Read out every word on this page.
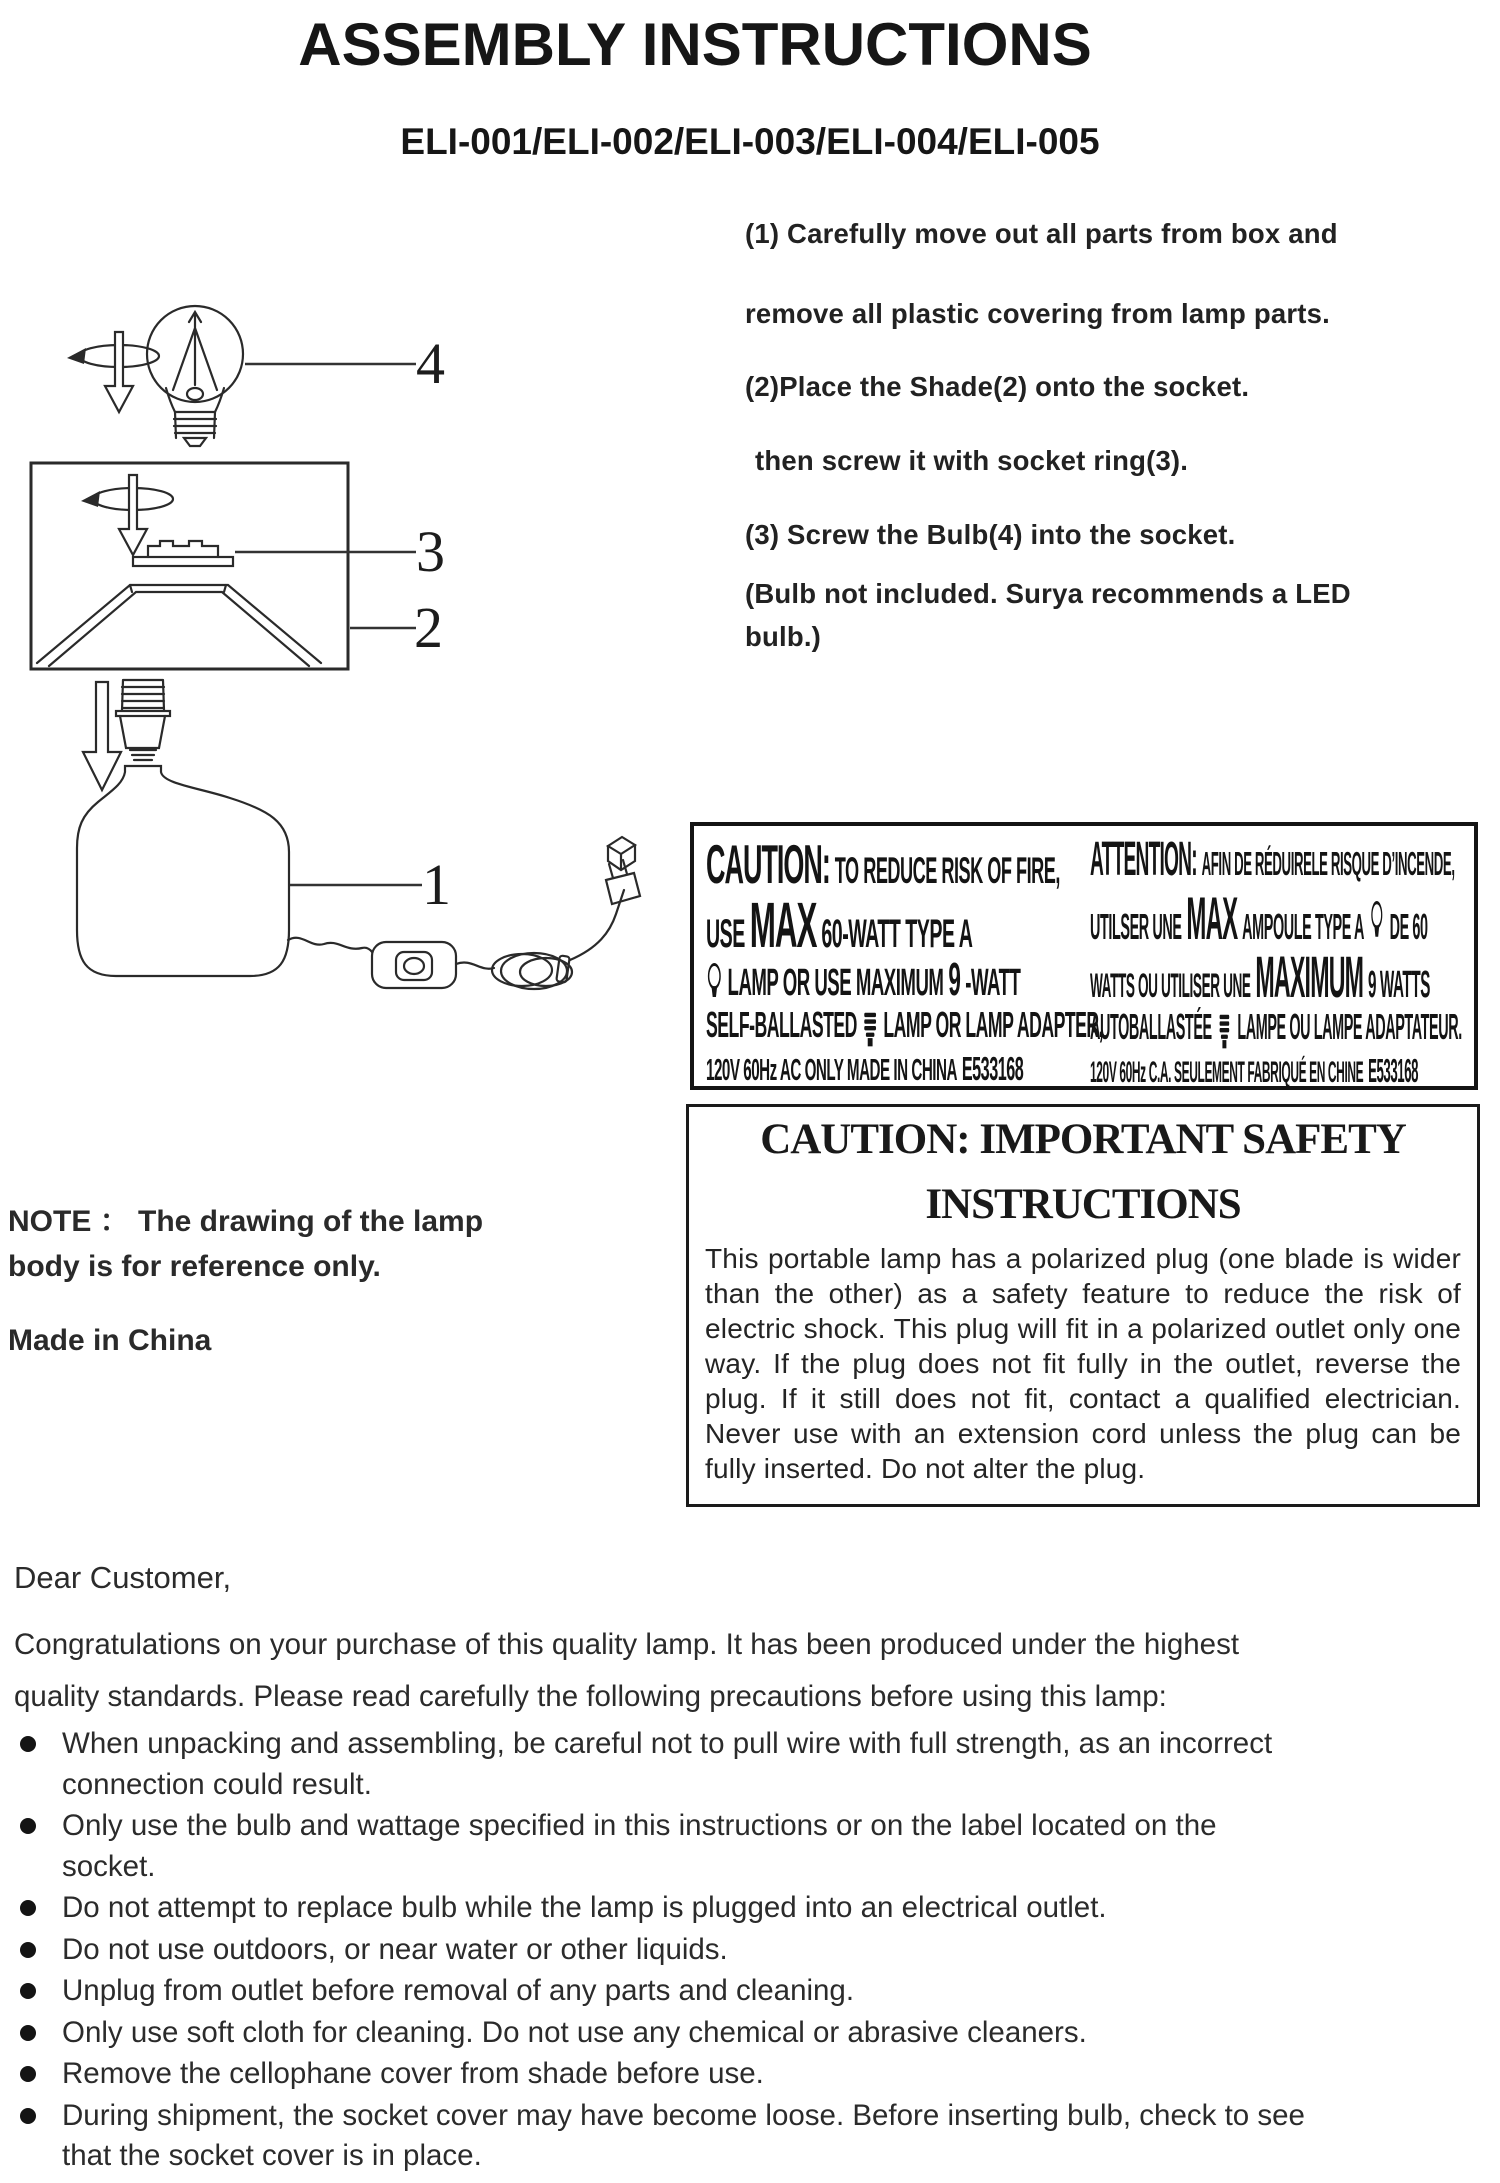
ASSEMBLY INSTRUCTIONS
ELI-001/ELI-002/ELI-003/ELI-004/ELI-005
(1) Carefully move out all parts from box and
remove all plastic covering from lamp parts.
(2)Place the Shade(2) onto the socket.
then screw it with socket ring(3).
(3) Screw the Bulb(4) into the socket.
(Bulb not included. Surya recommends a LED
bulb.)
4
3
2
1	CAUTION: TO REDUCE RISK OF FIRE,
USE MAX 60-WATT TYPE A
LAMP OR USE MAXIMUM 9 -WATT
SELF-BALLASTED LAMP OR LAMP ADAPTER,
120V 60Hz AC ONLY MADE IN CHINA E533168
ATTENTION: AFIN DE RÉDUIRELE RISQUE D’INCENDE,
UTILSER UNE MAX AMPOULE TYPE A DE 60
WATTS OU UTILISER UNE MAXIMUM 9 WATTS
AUTOBALLASTÉE LAMPE OU LAMPE ADAPTATEUR.
120V 60Hz C.A. SEULEMENT FABRIQUÉ EN CHINE E533168
CAUTION: IMPORTANT SAFETY
INSTRUCTIONS
This portable lamp has a polarized plug (one blade is wider than the other) as a safety feature to reduce the risk of electric shock. This plug will fit in a polarized outlet only one way. If the plug does not fit fully in the outlet, reverse the plug. If it still does not fit, contact a qualified electrician. Never use with an extension cord unless the plug can be fully inserted. Do not alter the plug.
NOTE ： The drawing of the lamp
body is for reference only.
Made in China
Dear Customer,
Congratulations on your purchase of this quality lamp. It has been produced under the highest
quality standards. Please read carefully the following precautions before using this lamp:
When unpacking and assembling, be careful not to pull wire with full strength, as an incorrect
connection could result.
Only use the bulb and wattage specified in this instructions or on the label located on the
socket.
Do not attempt to replace bulb while the lamp is plugged into an electrical outlet.
Do not use outdoors, or near water or other liquids.
Unplug from outlet before removal of any parts and cleaning.
Only use soft cloth for cleaning. Do not use any chemical or abrasive cleaners.
Remove the cellophane cover from shade before use.
During shipment, the socket cover may have become loose. Before inserting bulb, check to see
that the socket cover is in place.
